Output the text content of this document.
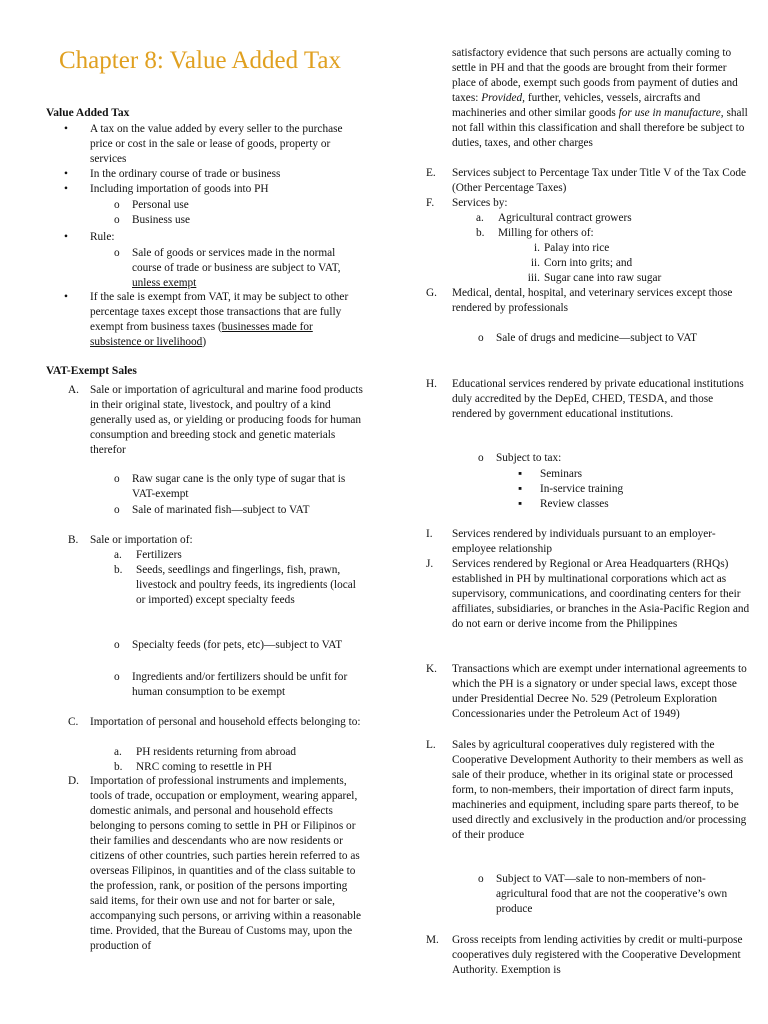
Chapter 8: Value Added Tax
Value Added Tax
•	A tax on the value added by every seller to the purchase price or cost in the sale or lease of goods, property or services
•	In the ordinary course of trade or business
•	Including importation of goods into PH
o	Personal use
o	Business use
•	Rule:
o	Sale of goods or services made in the normal course of trade or business are subject to VAT, unless exempt
•	If the sale is exempt from VAT, it may be subject to other percentage taxes except those transactions that are fully exempt from business taxes (businesses made for subsistence or livelihood)
VAT-Exempt Sales
A. Sale or importation of agricultural and marine food products in their original state, livestock, and poultry of a kind generally used as, or yielding or producing foods for human consumption and breeding stock and genetic materials therefor
o	Raw sugar cane is the only type of sugar that is VAT-exempt
o	Sale of marinated fish—subject to VAT
B.	Sale or importation of:
a.	Fertilizers
b.	Seeds, seedlings and fingerlings, fish, prawn, livestock and poultry feeds, its ingredients (local or imported) except specialty feeds
o	Specialty feeds (for pets, etc)—subject to VAT
o	Ingredients and/or fertilizers should be unfit for human consumption to be exempt
C.	Importation of personal and household effects belonging to:
a.	PH residents returning from abroad
b.	NRC coming to resettle in PH
D. Importation of professional instruments and implements, tools of trade, occupation or employment, wearing apparel, domestic animals, and personal and household effects belonging to persons coming to settle in PH or Filipinos or their families and descendants who are now residents or citizens of other countries, such parties herein referred to as overseas Filipinos, in quantities and of the class suitable to the profession, rank, or position of the persons importing said items, for their own use and not for barter or sale, accompanying such persons, or arriving within a reasonable time. Provided, that the Bureau of Customs may, upon the production of
satisfactory evidence that such persons are actually coming to settle in PH and that the goods are brought from their former place of abode, exempt such goods from payment of duties and taxes: Provided, further, vehicles, vessels, aircrafts and machineries and other similar goods for use in manufacture, shall not fall within this classification and shall therefore be subject to duties, taxes, and other charges
E.	Services subject to Percentage Tax under Title V of the Tax Code (Other Percentage Taxes)
F.	Services by:
a.	Agricultural contract growers
b.	Milling for others of:
i. Palay into rice
ii. Corn into grits; and
iii. Sugar cane into raw sugar
G.	Medical, dental, hospital, and veterinary services except those rendered by professionals
o	Sale of drugs and medicine—subject to VAT
H.	Educational services rendered by private educational institutions duly accredited by the DepEd, CHED, TESDA, and those rendered by government educational institutions.
o	Subject to tax:
▪	Seminars
▪	In-service training
▪	Review classes
I.	Services rendered by individuals pursuant to an employer-employee relationship
J.	Services rendered by Regional or Area Headquarters (RHQs) established in PH by multinational corporations which act as supervisory, communications, and coordinating centers for their affiliates, subsidiaries, or branches in the Asia-Pacific Region and do not earn or derive income from the Philippines
K.	Transactions which are exempt under international agreements to which the PH is a signatory or under special laws, except those under Presidential Decree No. 529 (Petroleum Exploration Concessionaries under the Petroleum Act of 1949)
L.	Sales by agricultural cooperatives duly registered with the Cooperative Development Authority to their members as well as sale of their produce, whether in its original state or processed form, to non-members, their importation of direct farm inputs, machineries and equipment, including spare parts thereof, to be used directly and exclusively in the production and/or processing of their produce
o	Subject to VAT—sale to non-members of non-agricultural food that are not the cooperative’s own produce
M.	Gross receipts from lending activities by credit or multi-purpose cooperatives duly registered with the Cooperative Development Authority. Exemption is
